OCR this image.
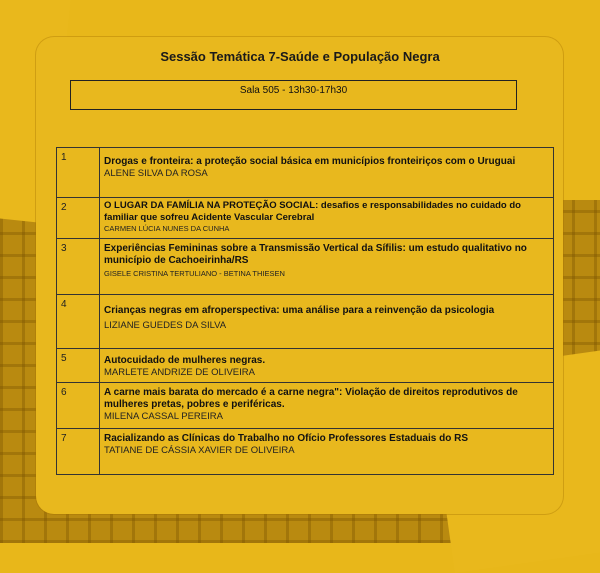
Sessão Temática 7-Saúde e População Negra
Sala 505 - 13h30-17h30
1	Drogas e fronteira: a proteção social básica em municípios fronteiriços com o Uruguai
ALENE SILVA DA ROSA

2	O LUGAR DA FAMÍLIA NA PROTEÇÃO SOCIAL: desafios e responsabilidades no cuidado do familiar que sofreu Acidente Vascular Cerebral
CARMEN LÚCIA NUNES DA CUNHA

3	Experiências Femininas sobre a Transmissão Vertical da Sífilis: um estudo qualitativo no município de Cachoeirinha/RS
GISELE CRISTINA TERTULIANO - BETINA THIESEN

4	Crianças negras em afroperspectiva: uma análise para a reinvenção da psicologia
LIZIANE GUEDES DA SILVA

5	Autocuidado de mulheres negras.
MARLETE ANDRIZE DE OLIVEIRA

6	A carne mais barata do mercado é a carne negra": Violação de direitos reprodutivos de mulheres pretas, pobres e periféricas.
MILENA CASSAL PEREIRA

7	Racializando as Clínicas do Trabalho no Ofício Professores Estaduais do RS
TATIANE DE CÁSSIA XAVIER DE OLIVEIRA
